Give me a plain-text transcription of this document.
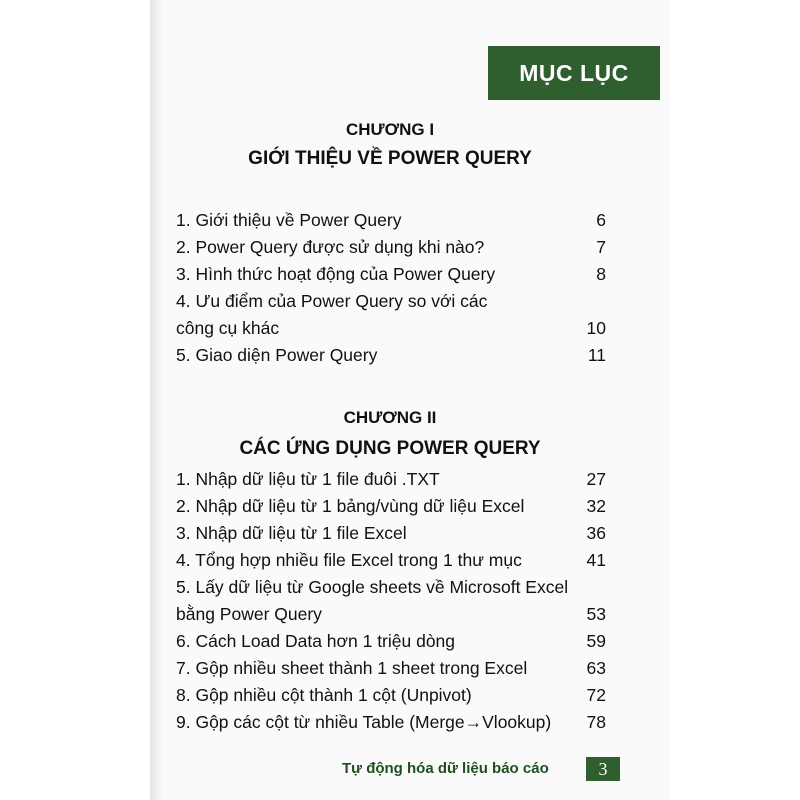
MỤC LỤC
CHƯƠNG I
GIỚI THIỆU VỀ POWER QUERY
1. Giới thiệu về Power Query	6
2. Power Query được sử dụng khi nào?	7
3. Hình thức hoạt động của Power Query	8
4. Ưu điểm của Power Query so với các
công cụ khác	10
5. Giao diện Power Query	11
CHƯƠNG II
CÁC ỨNG DỤNG POWER QUERY
1. Nhập dữ liệu từ 1 file đuôi .TXT	27
2. Nhập dữ liệu từ 1 bảng/vùng dữ liệu Excel	32
3. Nhập dữ liệu từ 1 file Excel	36
4. Tổng hợp nhiều file Excel trong 1 thư mục	41
5. Lấy dữ liệu từ Google sheets về Microsoft Excel
bằng Power Query	53
6. Cách Load Data hơn 1 triệu dòng	59
7. Gộp nhiều sheet thành 1 sheet trong Excel	63
8. Gộp nhiều cột thành 1 cột (Unpivot)	72
9. Gộp các cột từ nhiều Table (Merge→Vlookup) 78
Tự động hóa dữ liệu báo cáo	3
